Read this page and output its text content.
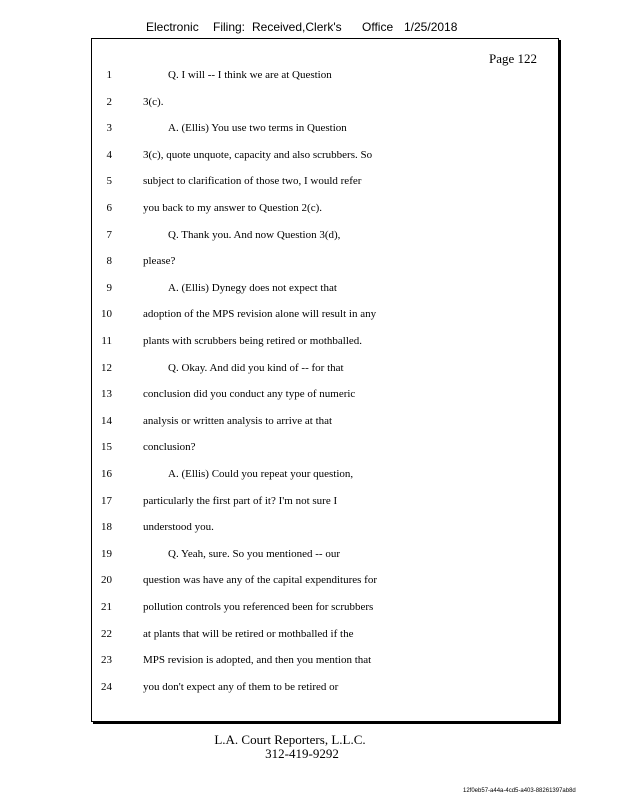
Electronic Filing: Received,Clerk's Office 1/25/2018
Page 122
1	Q. I will -- I think we are at Question
2	3(c).
3	A. (Ellis) You use two terms in Question
4	3(c), quote unquote, capacity and also scrubbers. So
5	subject to clarification of those two, I would refer
6	you back to my answer to Question 2(c).
7	Q. Thank you. And now Question 3(d),
8	please?
9	A. (Ellis) Dynegy does not expect that
10	adoption of the MPS revision alone will result in any
11	plants with scrubbers being retired or mothballed.
12	Q. Okay. And did you kind of -- for that
13	conclusion did you conduct any type of numeric
14	analysis or written analysis to arrive at that
15	conclusion?
16	A. (Ellis) Could you repeat your question,
17	particularly the first part of it? I'm not sure I
18	understood you.
19	Q. Yeah, sure. So you mentioned -- our
20	question was have any of the capital expenditures for
21	pollution controls you referenced been for scrubbers
22	at plants that will be retired or mothballed if the
23	MPS revision is adopted, and then you mention that
24	you don't expect any of them to be retired or
L.A. Court Reporters, L.L.C.
312-419-9292
12f0eb57-a44a-4cd5-a403-88261397ab8d
